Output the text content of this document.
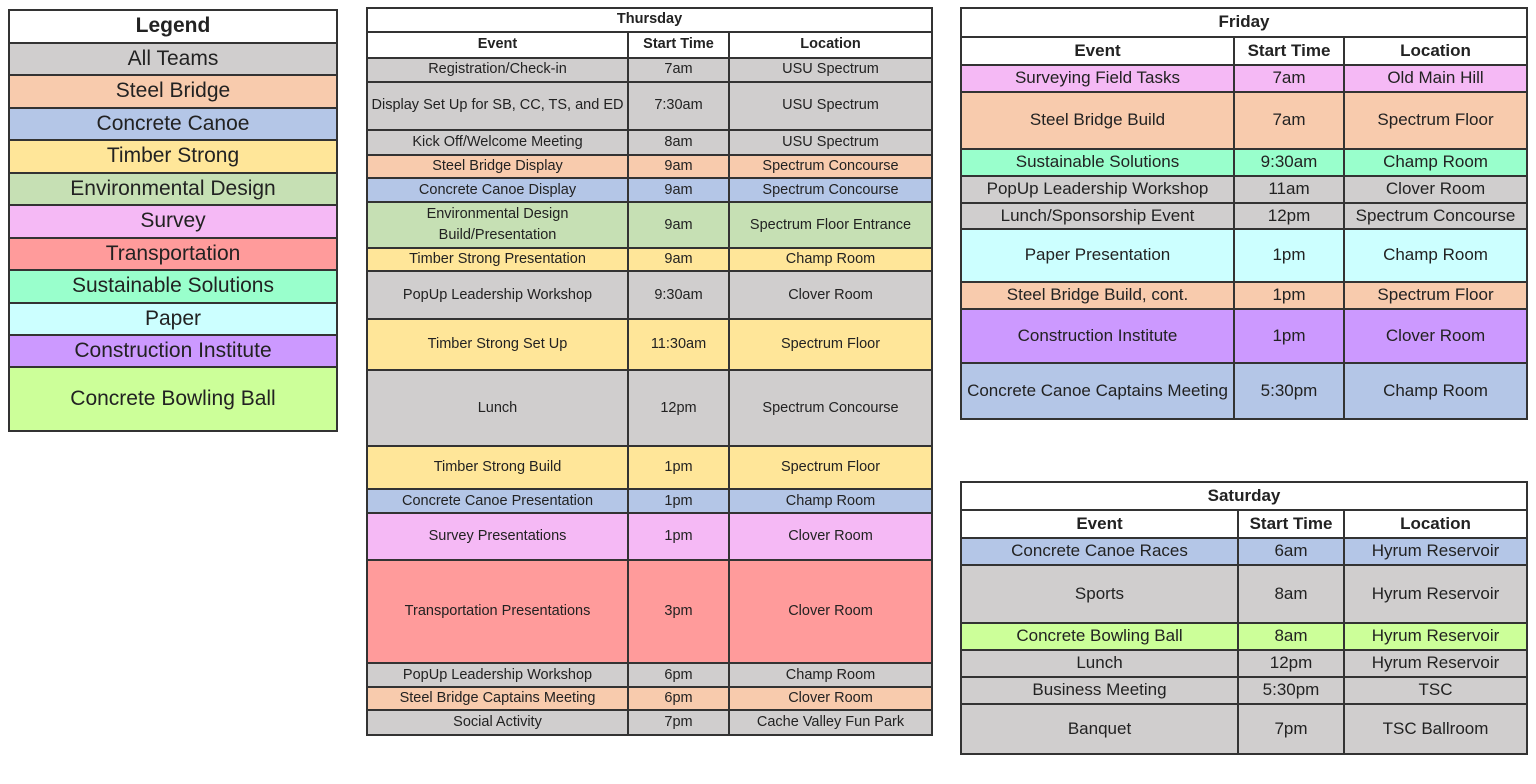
Legend
All Teams
Steel Bridge
Concrete Canoe
Timber Strong
Environmental Design
Survey
Transportation
Sustainable Solutions
Paper
Construction Institute
Concrete Bowling Ball
Thursday		
Event	Start Time	Location
Registration/Check-in	7am	USU Spectrum
Display Set Up for SB, CC, TS, and ED	7:30am	USU Spectrum
Kick Off/Welcome Meeting	8am	USU Spectrum
Steel Bridge Display	9am	Spectrum Concourse
Concrete Canoe Display	9am	Spectrum Concourse
Environmental Design Build/Presentation	9am	Spectrum Floor Entrance
Timber Strong Presentation	9am	Champ Room
PopUp Leadership Workshop	9:30am	Clover Room
Timber Strong Set Up	11:30am	Spectrum Floor
Lunch	12pm	Spectrum Concourse
Timber Strong Build	1pm	Spectrum Floor
Concrete Canoe Presentation	1pm	Champ Room
Survey Presentations	1pm	Clover Room
Transportation Presentations	3pm	Clover Room
PopUp Leadership Workshop	6pm	Champ Room
Steel Bridge Captains Meeting	6pm	Clover Room
Social Activity	7pm	Cache Valley Fun Park
Friday		
Event	Start Time	Location
Surveying Field Tasks	7am	Old Main Hill
Steel Bridge Build	7am	Spectrum Floor
Sustainable Solutions	9:30am	Champ Room
PopUp Leadership Workshop	11am	Clover Room
Lunch/Sponsorship Event	12pm	Spectrum Concourse
Paper Presentation	1pm	Champ Room
Steel Bridge Build, cont.	1pm	Spectrum Floor
Construction Institute	1pm	Clover Room
Concrete Canoe Captains Meeting	5:30pm	Champ Room
Saturday		
Event	Start Time	Location
Concrete Canoe Races	6am	Hyrum Reservoir
Sports	8am	Hyrum Reservoir
Concrete Bowling Ball	8am	Hyrum Reservoir
Lunch	12pm	Hyrum Reservoir
Business Meeting	5:30pm	TSC
Banquet	7pm	TSC Ballroom
